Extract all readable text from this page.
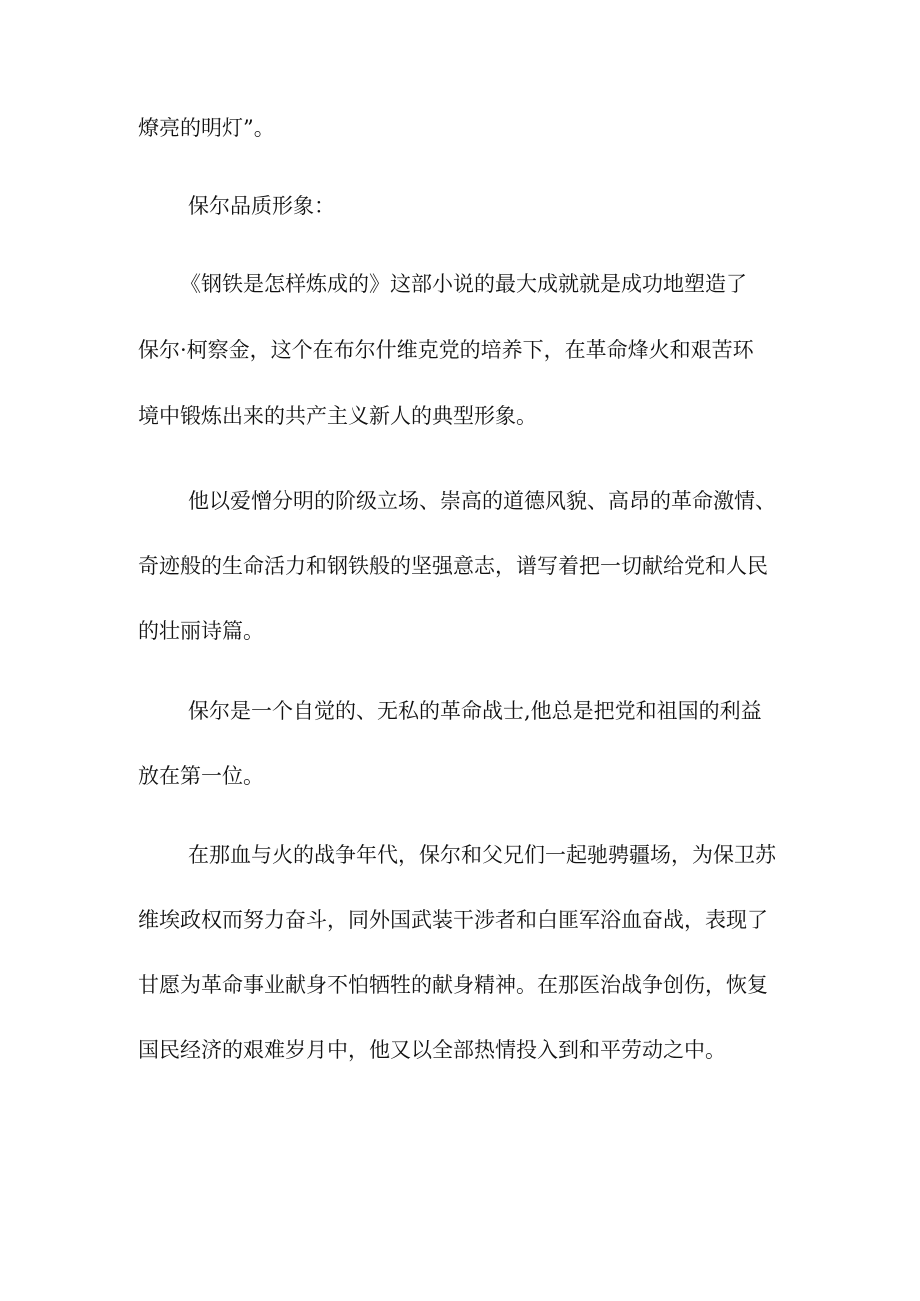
燎亮的明灯”。
保尔品质形象：
《钢铁是怎样炼成的》这部小说的最大成就就是成功地塑造了
保尔·柯察金，这个在布尔什维克党的培养下，在革命烽火和艰苦环
境中锻炼出来的共产主义新人的典型形象。
他以爱憎分明的阶级立场、崇高的道德风貌、高昂的革命激情、
奇迹般的生命活力和钢铁般的坚强意志，谱写着把一切献给党和人民
的壮丽诗篇。
保尔是一个自觉的、无私的革命战士,他总是把党和祖国的利益
放在第一位。
在那血与火的战争年代，保尔和父兄们一起驰骋疆场，为保卫苏
维埃政权而努力奋斗，同外国武装干涉者和白匪军浴血奋战，表现了
甘愿为革命事业献身不怕牺牲的献身精神。在那医治战争创伤，恢复
国民经济的艰难岁月中，他又以全部热情投入到和平劳动之中。
